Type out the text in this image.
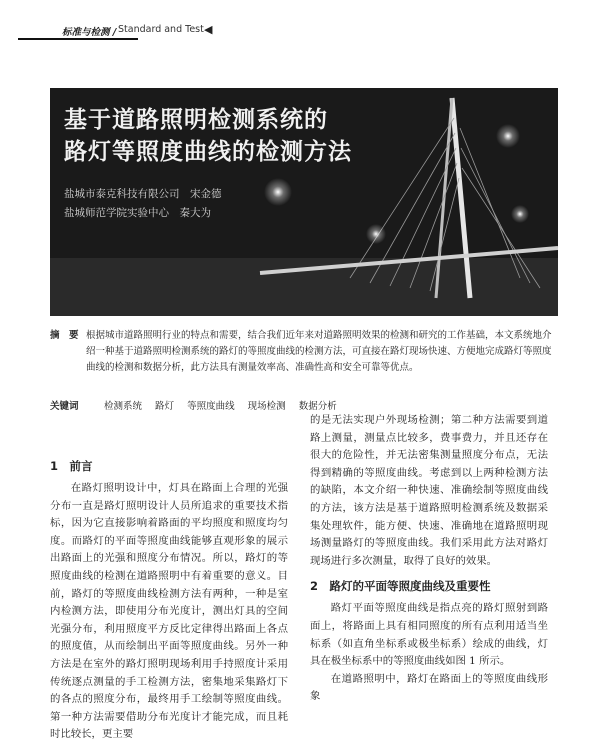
标准与检测 / Standard and Test ◀
基于道路照明检测系统的
路灯等照度曲线的检测方法
盐城市泰克科技有限公司　 宋金德
盐城师范学院实验中心　 秦大为
摘　要 根据城市道路照明行业的特点和需要，结合我们近年来对道路照明效果的检测和研究的工作基础，本文系统地介绍一种基于道路照明检测系统的路灯的等照度曲线的检测方法，可直接在路灯现场快速、方便地完成路灯等照度曲线的检测和数据分析，此方法具有测量效率高、准确性高和安全可靠等优点。
关键词	检测系统 路灯 等照度曲线 现场检测 数据分析
1　前言

在路灯照明设计中，灯具在路面上合理的光强分布一直是路灯照明设计人员所追求的重要技术指标，因为它直接影响着路面的平均照度和照度均匀度。而路灯的平面等照度曲线能够直观形象的展示出路面上的光强和照度分布情况。所以，路灯的等照度曲线的检测在道路照明中有着重要的意义。目前，路灯的等照度曲线检测方法有两种，一种是室内检测方法，即使用分布光度计，测出灯具的空间光强分布，利用照度平方反比定律得出路面上各点的照度值，从而绘制出平面等照度曲线。另外一种方法是在室外的路灯照明现场利用手持照度计采用传统逐点测量的手工检测方法，密集地采集路灯下的各点的照度分布，最终用手工绘制等照度曲线。第一种方法需要借助分布光度计才能完成，而且耗时比较长，更主要

的是无法实现户外现场检测；第二种方法需要到道路上测量，测量点比较多，费事费力，并且还存在很大的危险性，并无法密集测量照度分布点，无法得到精确的等照度曲线。考虑到以上两种检测方法的缺陷，本文介绍一种快速、准确绘制等照度曲线的方法，该方法是基于道路照明检测系统及数据采集处理软件，能方便、快速、准确地在道路照明现场测量路灯的等照度曲线。我们采用此方法对路灯现场进行多次测量，取得了良好的效果。

2　路灯的平面等照度曲线及重要性

路灯平面等照度曲线是指点亮的路灯照射到路面上，将路面上具有相同照度的所有点利用适当坐标系（如直角坐标系或极坐标系）绘成的曲线，灯具在极坐标系中的等照度曲线如图 1 所示。

在道路照明中，路灯在路面上的等照度曲线形象
